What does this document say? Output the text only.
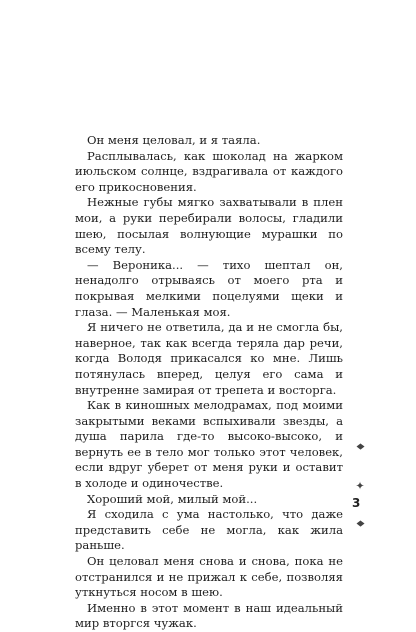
Он меня целовал, и я таяла.

Расплывалась, как шоколад на жарком июльском солнце, вздрагивала от каждого его прикосновения.

Нежные губы мягко захватывали в плен мои, а руки перебирали волосы, гладили шею, посылая волнующие мурашки по всему телу.

— Вероника... — тихо шептал он, ненадолго отрываясь от моего рта и покрывая мелкими поцелуями щеки и глаза. — Маленькая моя.

Я ничего не ответила, да и не смогла бы, наверное, так как всегда теряла дар речи, когда Володя прикасался ко мне. Лишь потянулась вперед, целуя его сама и внутренне замирая от трепета и восторга.

Как в киношных мелодрамах, под моими закрытыми веками вспыхивали звезды, а душа парила где-то высоко-высоко, и вернуть ее в тело мог только этот человек, если вдруг уберет от меня руки и оставит в холоде и одиночестве.

Хороший мой, милый мой...

Я сходила с ума настолько, что даже представить себе не могла, как жила раньше.

Он целовал меня снова и снова, пока не отстранился и не прижал к себе, позволяя уткнуться носом в шею.

Именно в этот момент в наш идеальный мир вторгся чужак.

♦
✦
♦
3
